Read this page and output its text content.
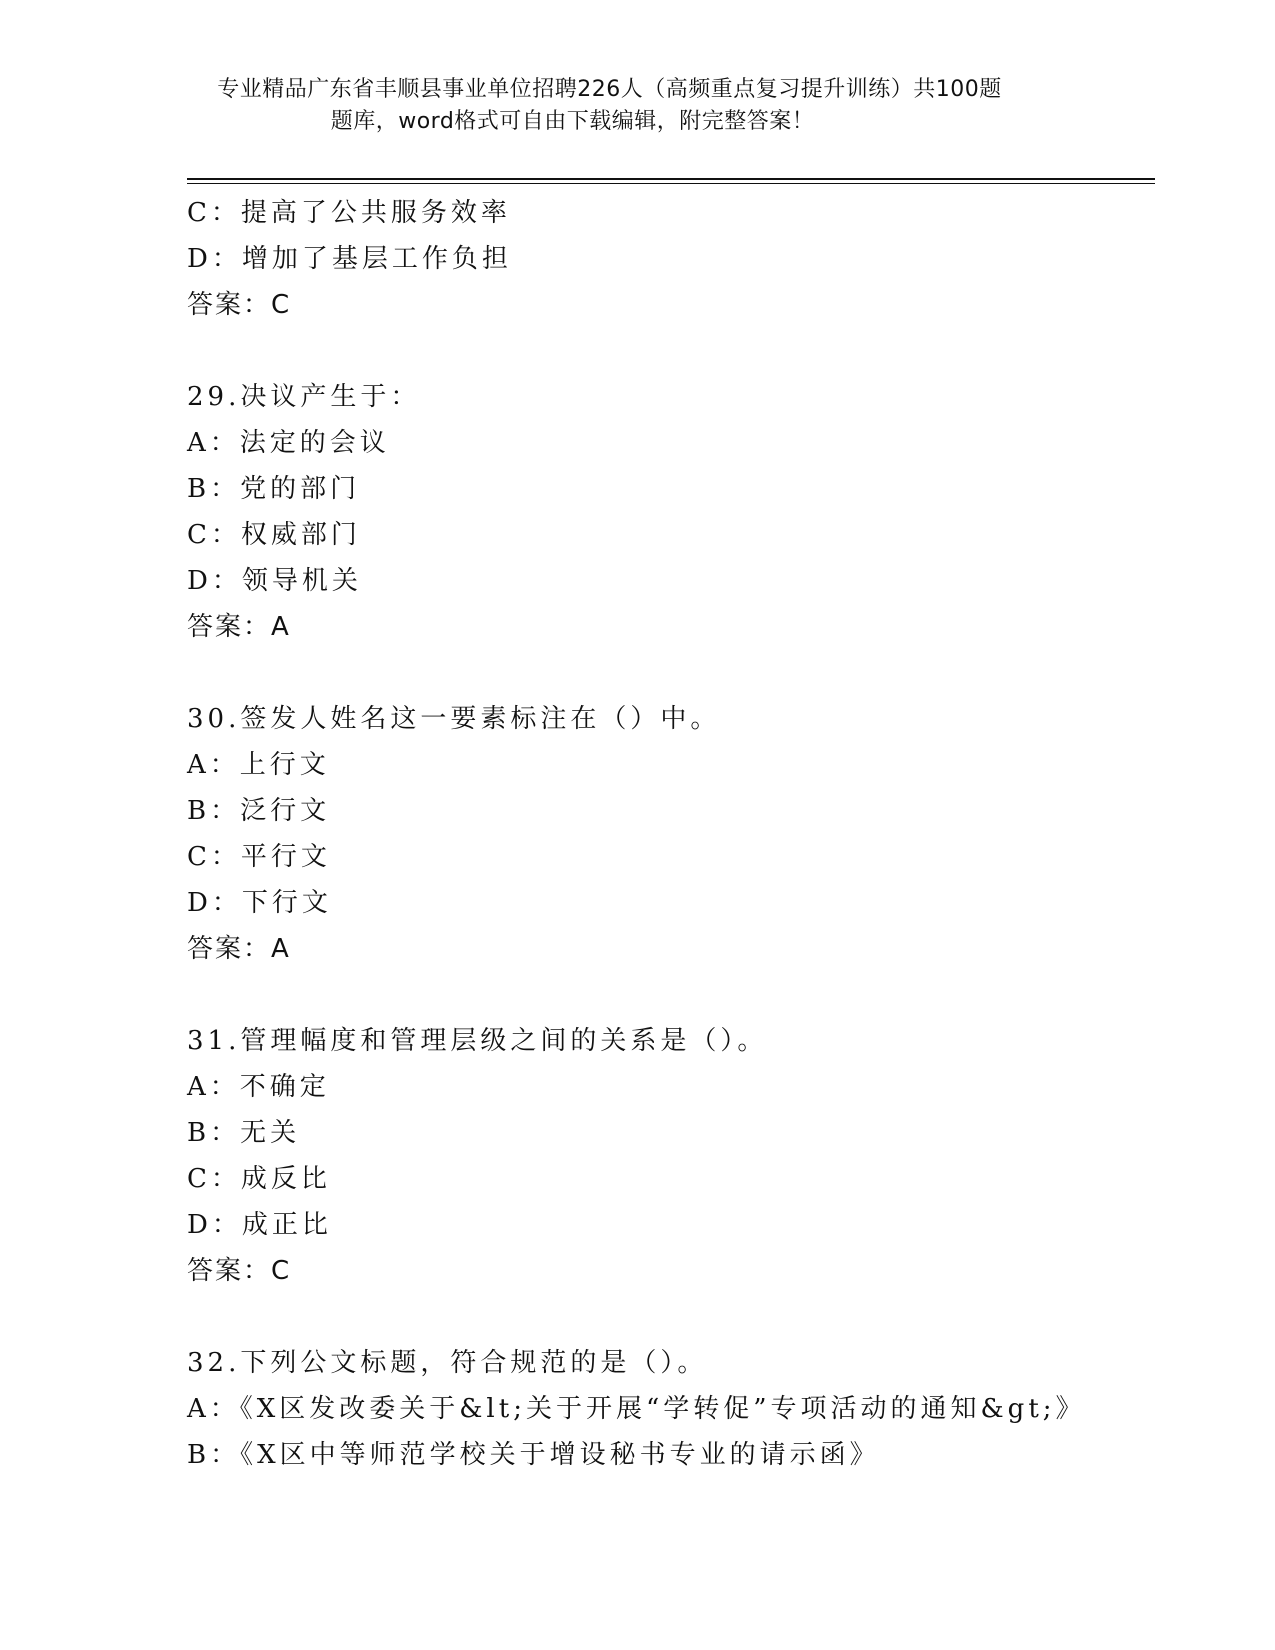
专业精品广东省丰顺县事业单位招聘226人（高频重点复习提升训练）共100题
题库，word格式可自由下载编辑，附完整答案！
C：提高了公共服务效率
D：增加了基层工作负担
答案：C
29.决议产生于：
A：法定的会议
B：党的部门
C：权威部门
D：领导机关
答案：A
30.签发人姓名这一要素标注在（）中。
A：上行文
B：泛行文
C：平行文
D：下行文
答案：A
31.管理幅度和管理层级之间的关系是（）。
A：不确定
B：无关
C：成反比
D：成正比
答案：C
32.下列公文标题，符合规范的是（）。
A：《X区发改委关于&lt;关于开展“学转促”专项活动的通知&gt;》
B：《X区中等师范学校关于增设秘书专业的请示函》
